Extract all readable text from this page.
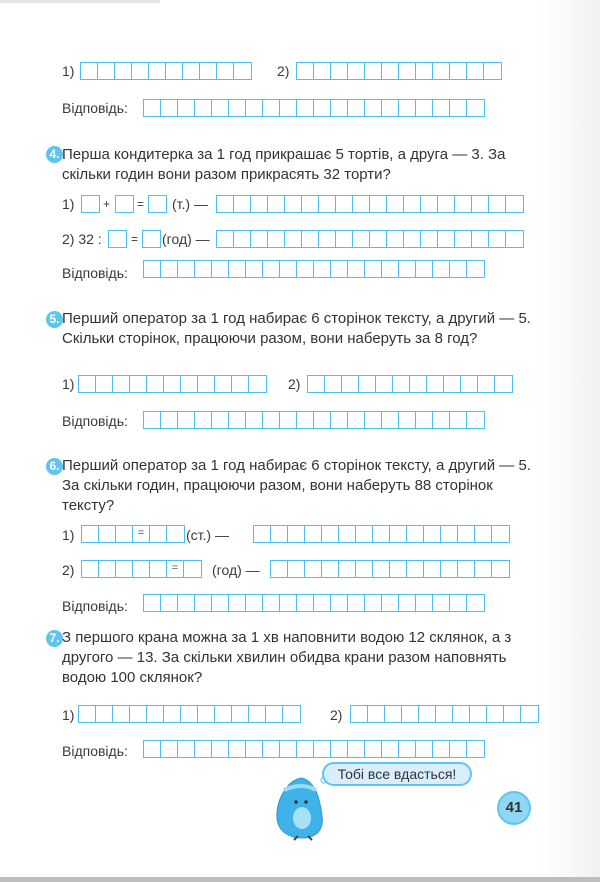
1)	2)
Відповідь:
4. Перша кондитерка за 1 год прикрашає 5 тортів, а друга — 3. За скільки годин вони разом прикрасять 32 торти?
1) + = (т.) —
2) 32 : = (год) —
Відповідь:
5. Перший оператор за 1 год набирає 6 сторінок тексту, а другий — 5. Скільки сторінок, працюючи разом, вони наберуть за 8 год?
1)	2)
Відповідь:
6. Перший оператор за 1 год набирає 6 сторінок тексту, а другий — 5. За скільки годин, працюючи разом, вони наберуть 88 сторінок тексту?
1)	=	(ст.) —
2)	=	(год) —
Відповідь:
7. З першого крана можна за 1 хв наповнити водою 12 склянок, а з другого — 13. За скільки хвилин обидва крани разом наповнять водою 100 склянок?
1)	2)
Відповідь:
Тобі все вдасться!
41
